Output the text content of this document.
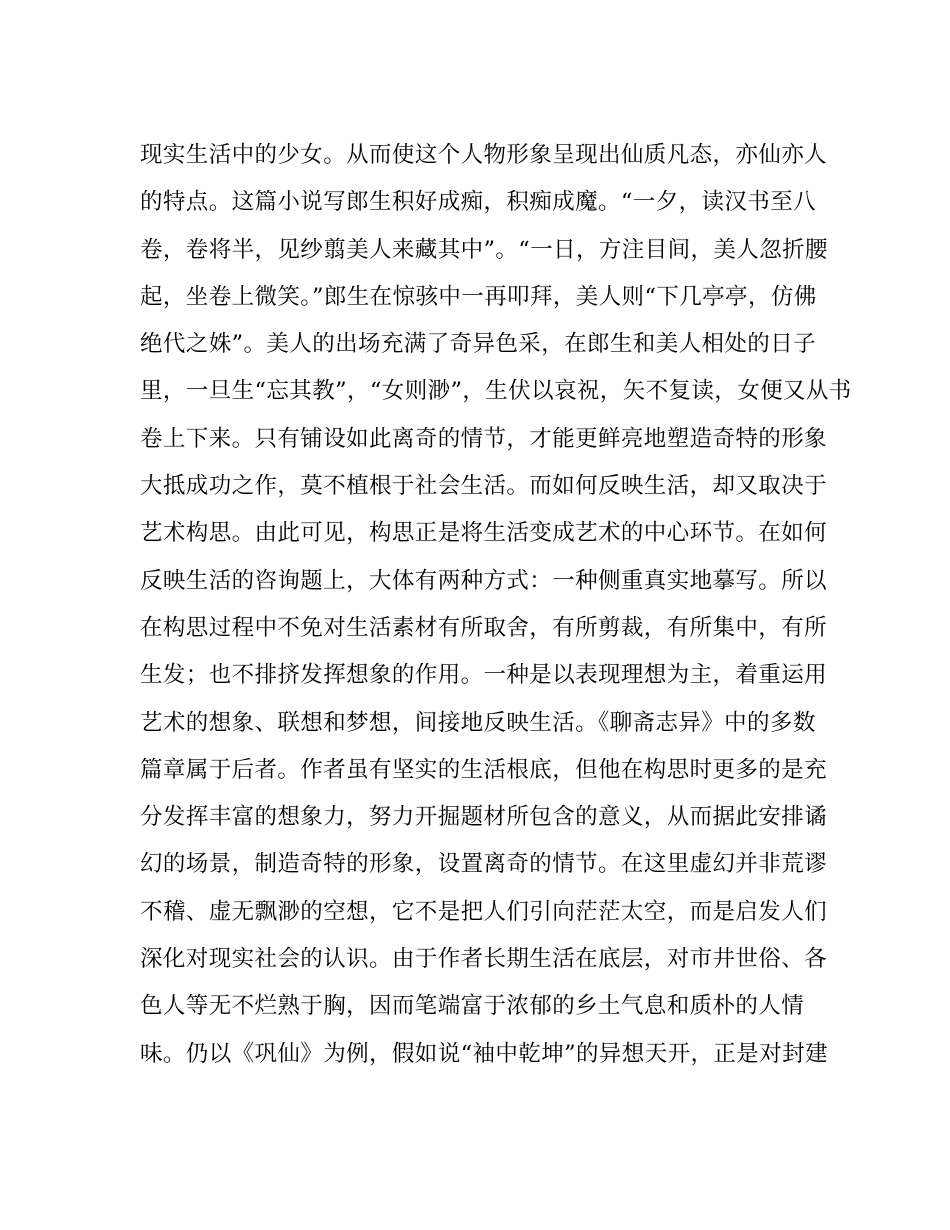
现实生活中的少女。从而使这个人物形象呈现出仙质凡态，亦仙亦人
的特点。这篇小说写郎生积好成痴，积痴成魔。“一夕，读汉书至八
卷，卷将半，见纱翦美人来藏其中”。“一日，方注目间，美人忽折腰
起，坐卷上微笑。”郎生在惊骇中一再叩拜，美人则“下几亭亭，仿佛
绝代之姝”。美人的出场充满了奇异色采，在郎生和美人相处的日子
里，一旦生“忘其教”，“女则渺”，生伏以哀祝，矢不复读，女便又从书
卷上下来。只有铺设如此离奇的情节，才能更鲜亮地塑造奇特的形象
大抵成功之作，莫不植根于社会生活。而如何反映生活，却又取决于
艺术构思。由此可见，构思正是将生活变成艺术的中心环节。在如何
反映生活的咨询题上，大体有两种方式：一种侧重真实地摹写。所以
在构思过程中不免对生活素材有所取舍，有所剪裁，有所集中，有所
生发；也不排挤发挥想象的作用。一种是以表现理想为主，着重运用
艺术的想象、联想和梦想，间接地反映生活。《聊斋志异》中的多数
篇章属于后者。作者虽有坚实的生活根底，但他在构思时更多的是充
分发挥丰富的想象力，努力开掘题材所包含的意义，从而据此安排谲
幻的场景，制造奇特的形象，设置离奇的情节。在这里虚幻并非荒谬
不稽、虚无飘渺的空想，它不是把人们引向茫茫太空，而是启发人们
深化对现实社会的认识。由于作者长期生活在底层，对市井世俗、各
色人等无不烂熟于胸，因而笔端富于浓郁的乡土气息和质朴的人情
味。仍以《巩仙》为例，假如说“袖中乾坤”的异想天开，正是对封建
